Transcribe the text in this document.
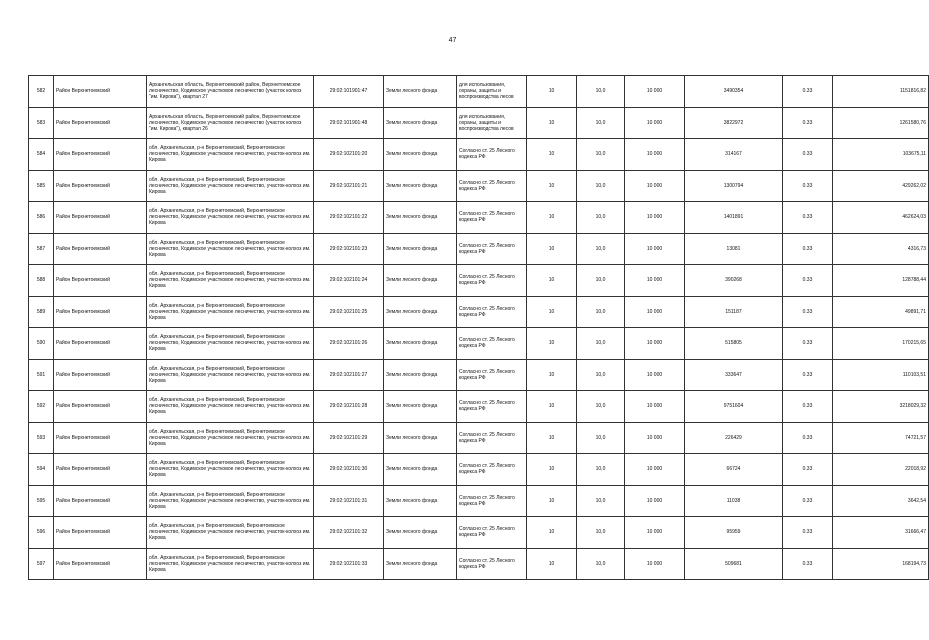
47
582	Район Верхнетоемский	Архангельская область, Верхнетоемский район, Верхнетоемское лесничество, Кодимское участковое лесничество (участок колхоз "им. Кирова"), квартал 27	29:02:101901:47	Земли лесного фонда	для использования, охраны, защиты и воспроизводства лесов	10	10,0	10 000	3490354	0.33	1151816,82
583	Район Верхнетоемский	Архангельская область, Верхнетоемский район, Верхнетоемское лесничество, Кодимское участковое лесничество (участок колхоз "им. Кирова"), квартал 26	29:02:101901:48	Земли лесного фонда	для использования, охраны, защиты и воспроизводства лесов	10	10,0	10 000	3822972	0.33	1261580,76
584	Район Верхнетоемский	обл. Архангельская, р-н Верхнетоемский, Верхнетоемское лесничество, Кодимское участковое лесничество, участок-колхоз им. Кирова	29:02:102101:20	Земли лесного фонда	Согласно ст. 25 Лесного кодекса РФ	10	10,0	10 000	314167	0.33	103675,11
585	Район Верхнетоемский	обл. Архангельская, р-н Верхнетоемский, Верхнетоемское лесничество, Кодимское участковое лесничество, участок-колхоз им. Кирова	29:02:102101:21	Земли лесного фонда	Согласно ст. 25 Лесного кодекса РФ	10	10,0	10 000	1300794	0.33	429262,02
586	Район Верхнетоемский	обл. Архангельская, р-н Верхнетоемский, Верхнетоемское лесничество, Кодимское участковое лесничество, участок-колхоз им. Кирова	29:02:102101:22	Земли лесного фонда	Согласно ст. 25 Лесного кодекса РФ	10	10,0	10 000	1401891	0.33	462624,03
587	Район Верхнетоемский	обл. Архангельская, р-н Верхнетоемский, Верхнетоемское лесничество, Кодимское участковое лесничество, участок-колхоз им. Кирова	29:02:102101:23	Земли лесного фонда	Согласно ст. 25 Лесного кодекса РФ	10	10,0	10 000	13081	0.33	4316,73
588	Район Верхнетоемский	обл. Архангельская, р-н Верхнетоемский, Верхнетоемское лесничество, Кодимское участковое лесничество, участок-колхоз им. Кирова	29:02:102101:24	Земли лесного фонда	Согласно ст. 25 Лесного кодекса РФ	10	10,0	10 000	390268	0.33	128788,44
589	Район Верхнетоемский	обл. Архангельская, р-н Верхнетоемский, Верхнетоемское лесничество, Кодимское участковое лесничество, участок-колхоз им. Кирова	29:02:102101:25	Земли лесного фонда	Согласно ст. 25 Лесного кодекса РФ	10	10,0	10 000	151187	0.33	49891,71
590	Район Верхнетоемский	обл. Архангельская, р-н Верхнетоемский, Верхнетоемское лесничество, Кодимское участковое лесничество, участок-колхоз им. Кирова	29:02:102101:26	Земли лесного фонда	Согласно ст. 25 Лесного кодекса РФ	10	10,0	10 000	515805	0.33	170215,65
591	Район Верхнетоемский	обл. Архангельская, р-н Верхнетоемский, Верхнетоемское лесничество, Кодимское участковое лесничество, участок-колхоз им. Кирова	29:02:102101:27	Земли лесного фонда	Согласно ст. 25 Лесного кодекса РФ	10	10,0	10 000	333647	0.33	110103,51
592	Район Верхнетоемский	обл. Архангельская, р-н Верхнетоемский, Верхнетоемское лесничество, Кодимское участковое лесничество, участок-колхоз им. Кирова	29:02:102101:28	Земли лесного фонда	Согласно ст. 25 Лесного кодекса РФ	10	10,0	10 000	9751604	0.33	3218029,32
593	Район Верхнетоемский	обл. Архангельская, р-н Верхнетоемский, Верхнетоемское лесничество, Кодимское участковое лесничество, участок-колхоз им. Кирова	29:02:102101:29	Земли лесного фонда	Согласно ст. 25 Лесного кодекса РФ	10	10,0	10 000	226429	0.33	74721,57
594	Район Верхнетоемский	обл. Архангельская, р-н Верхнетоемский, Верхнетоемское лесничество, Кодимское участковое лесничество, участок-колхоз им. Кирова	29:02:102101:30	Земли лесного фонда	Согласно ст. 25 Лесного кодекса РФ	10	10,0	10 000	66724	0.33	22018,92
595	Район Верхнетоемский	обл. Архангельская, р-н Верхнетоемский, Верхнетоемское лесничество, Кодимское участковое лесничество, участок-колхоз им. Кирова	29:02:102101:31	Земли лесного фонда	Согласно ст. 25 Лесного кодекса РФ	10	10,0	10 000	11038	0.33	3642,54
596	Район Верхнетоемский	обл. Архангельская, р-н Верхнетоемский, Верхнетоемское лесничество, Кодимское участковое лесничество, участок-колхоз им. Кирова	29:02:102101:32	Земли лесного фонда	Согласно ст. 25 Лесного кодекса РФ	10	10,0	10 000	95959	0.33	31666,47
597	Район Верхнетоемский	обл. Архангельская, р-н Верхнетоемский, Верхнетоемское лесничество, Кодимское участковое лесничество, участок-колхоз им. Кирова	29:02:102101:33	Земли лесного фонда	Согласно ст. 25 Лесного кодекса РФ	10	10,0	10 000	509681	0.33	168194,73
